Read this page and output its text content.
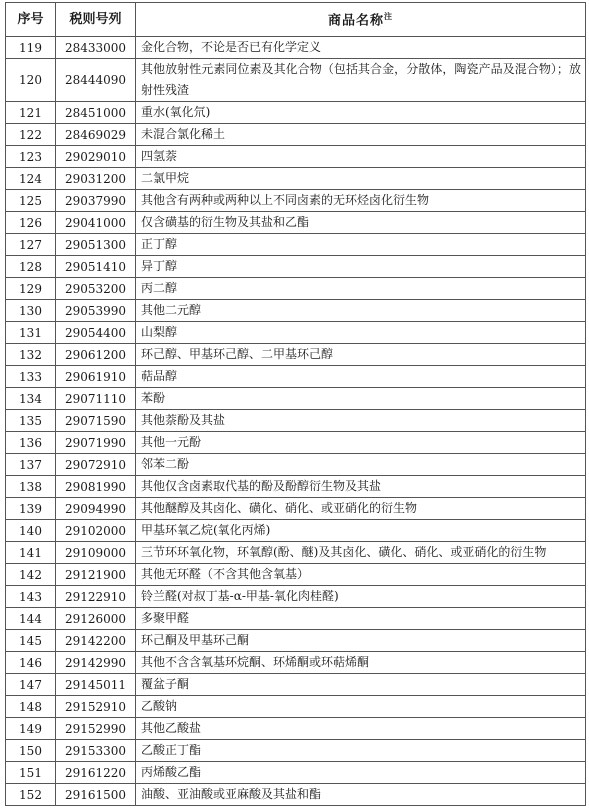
序号	税则号列	商品名称$^注$
119	28433000	金化合物，不论是否已有化学定义
120	28444090	其他放射性元素同位素及其化合物（包括其合金，分散体，陶瓷产品及混合物）；放射性残渣
121	28451000	重水(氧化氘)
122	28469029	未混合氯化稀土
123	29029010	四氢萘
124	29031200	二氯甲烷
125	29037990	其他含有两种或两种以上不同卤素的无环烃卤化衍生物
126	29041000	仅含磺基的衍生物及其盐和乙酯
127	29051300	正丁醇
128	29051410	异丁醇
129	29053200	丙二醇
130	29053990	其他二元醇
131	29054400	山梨醇
132	29061200	环己醇、甲基环己醇、二甲基环己醇
133	29061910	萜品醇
134	29071110	苯酚
135	29071590	其他萘酚及其盐
136	29071990	其他一元酚
137	29072910	邻苯二酚
138	29081990	其他仅含卤素取代基的酚及酚醇衍生物及其盐
139	29094990	其他醚醇及其卤化、磺化、硝化、或亚硝化的衍生物
140	29102000	甲基环氧乙烷(氧化丙烯)
141	29109000	三节环环氧化物，环氧醇(酚、醚)及其卤化、磺化、硝化、或亚硝化的衍生物
142	29121900	其他无环醛（不含其他含氧基）
143	29122910	铃兰醛(对叔丁基-α-甲基-氧化肉桂醛)
144	29126000	多聚甲醛
145	29142200	环己酮及甲基环己酮
146	29142990	其他不含含氧基环烷酮、环烯酮或环萜烯酮
147	29145011	覆盆子酮
148	29152910	乙酸钠
149	29152990	其他乙酸盐
150	29153300	乙酸正丁酯
151	29161220	丙烯酸乙酯
152	29161500	油酸、亚油酸或亚麻酸及其盐和酯
